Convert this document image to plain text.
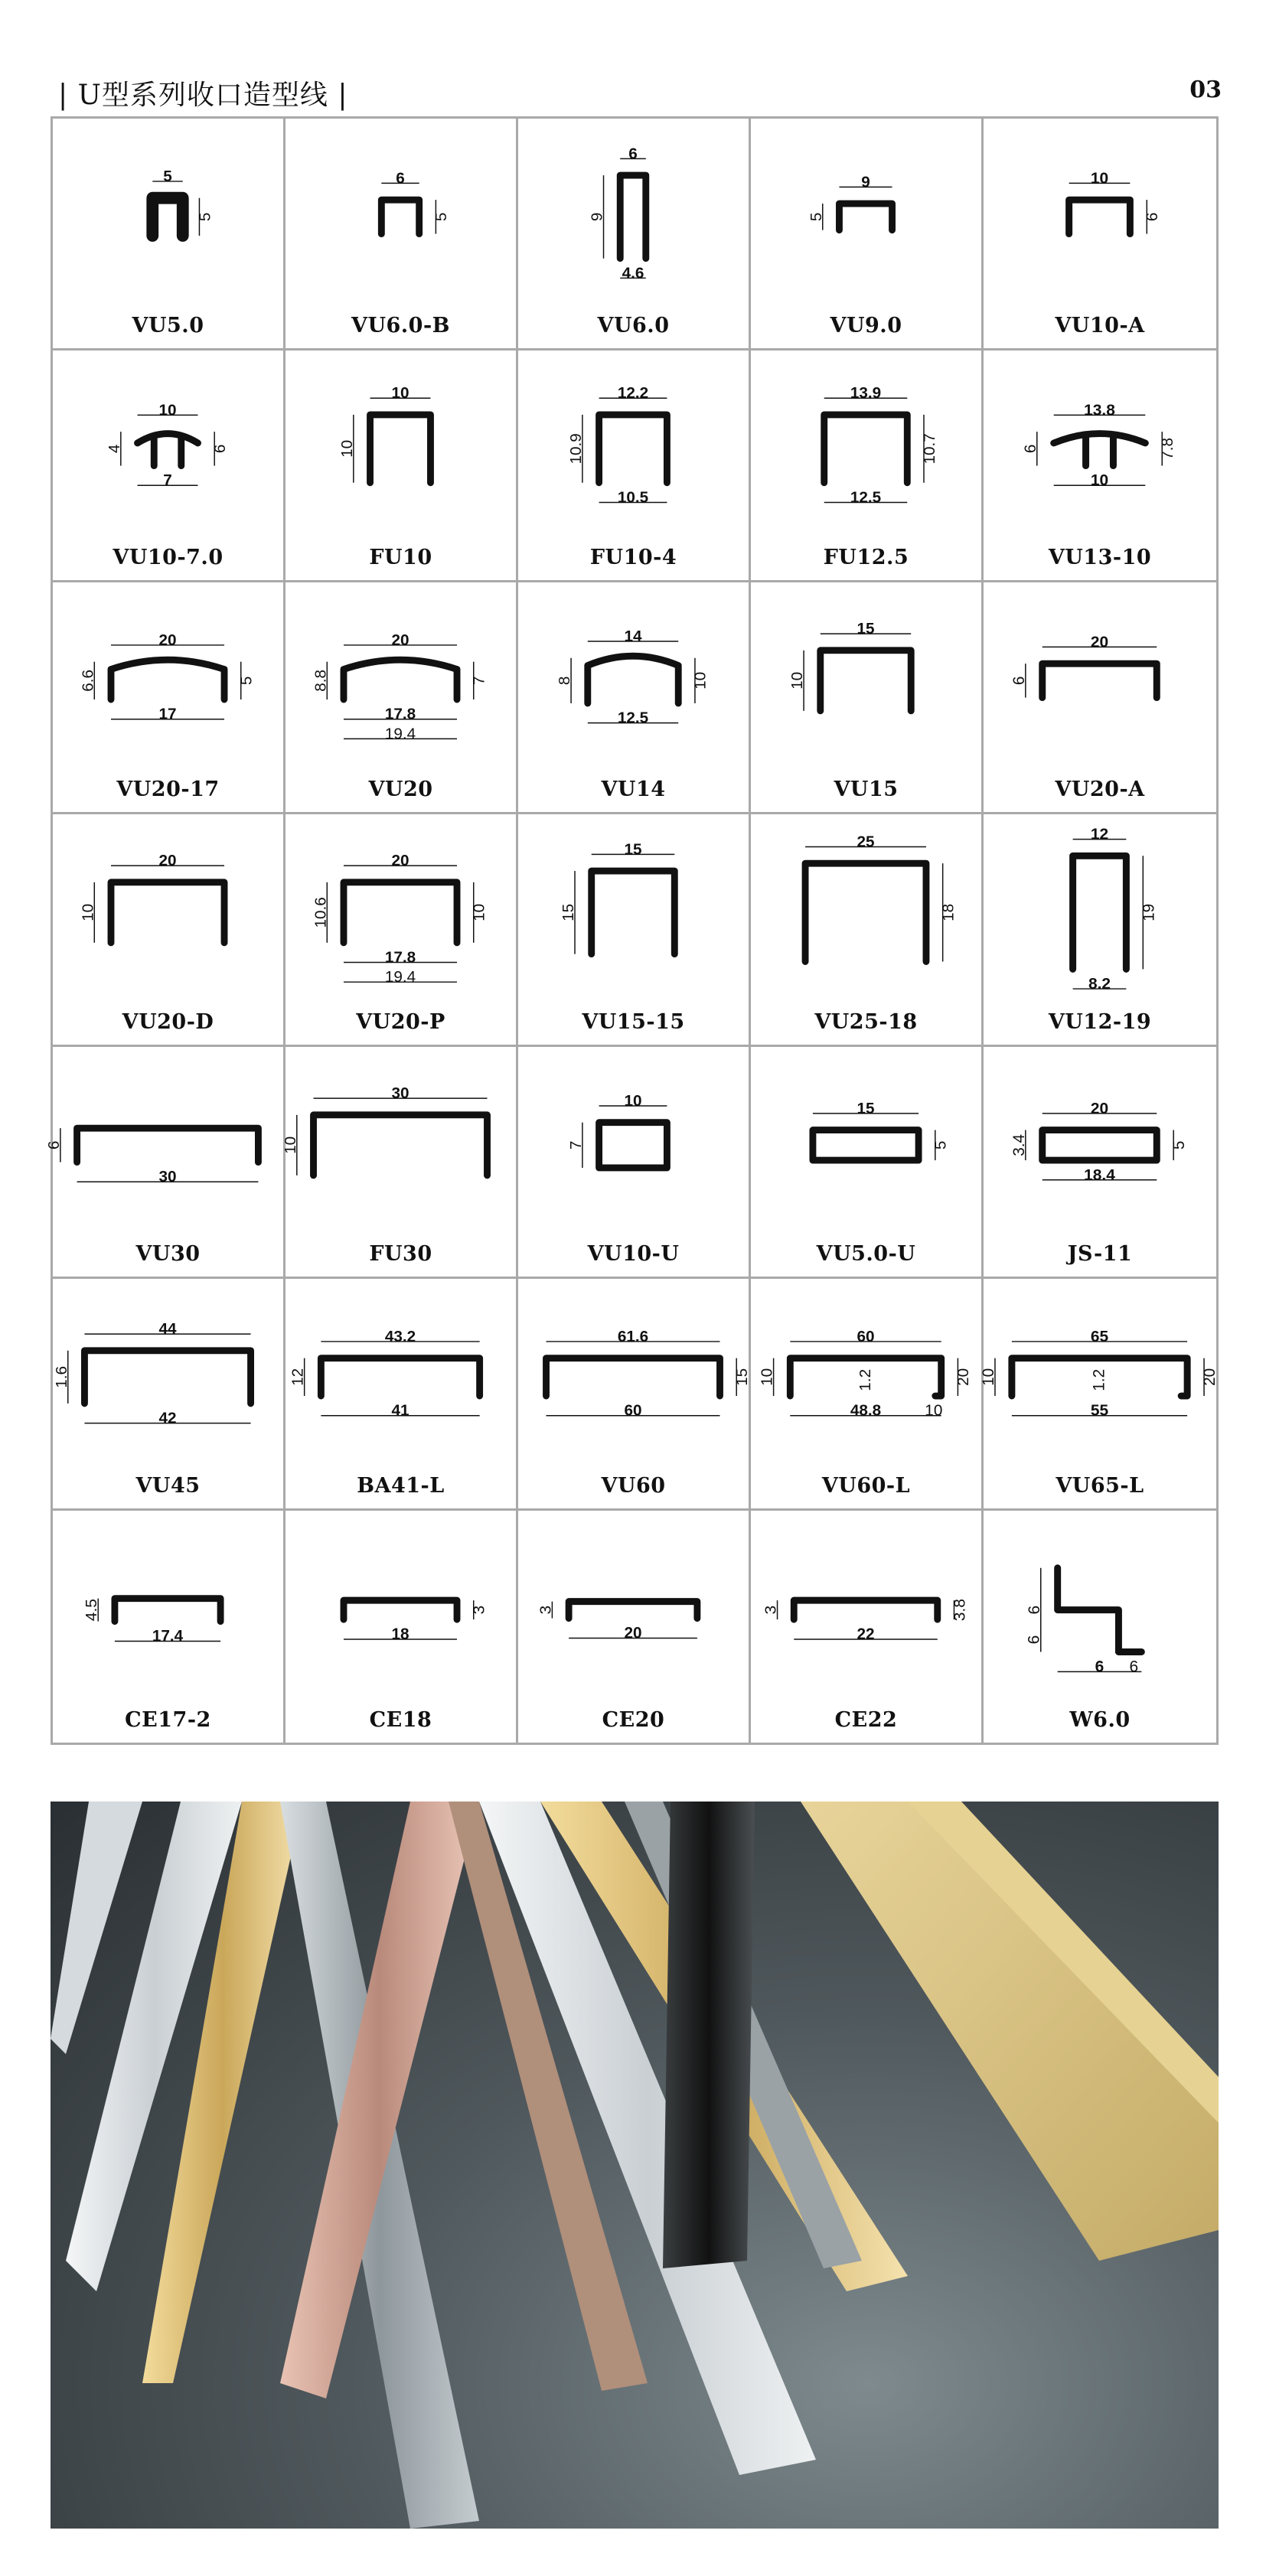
| U型系列收口造型线 |	03
5
5
VU5.0
6
5
VU6.0-B
6
9
4.6
VU6.0
9
5
VU9.0
10
6
VU10-A
10
4	6
7
VU10-7.0
10
10
FU10
12.2
10.9
10.5
FU10-4
13.9
10.7
12.5
FU12.5
13.8
6	7.8
10
VU13-10
20
6.6	5
17
VU20-17
20
8.8	7
17.8
19.4
VU20
14
8	10
12.5
VU14
15
10
VU15
20
6
VU20-A
20
10
VU20-D
20
10.6	10
17.8
19.4
VU20-P
15
15
VU15-15
25
18
VU25-18
12
19
8.2
VU12-19
6
30
VU30
30
10
FU30
10
7
VU10-U
15
5
VU5.0-U
20
3.4	5
18.4
JS-11
44
1.6
42
VU45
43.2
12
41
BA41-L
61.6
15
60
VU60
60
10	1.2	20
48.8	10
VU60-L
65
10	1.2	20
55
VU65-L
4.5
17.4
CE17-2
3
18
CE18
3
20
CE20
3	3.8
22
CE22
6
6
6 6
W6.0
